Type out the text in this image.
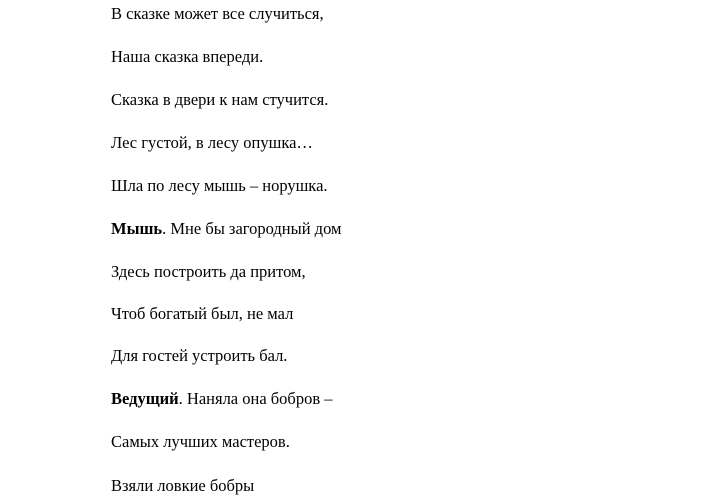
В сказке может все случиться,

Наша сказка впереди.

Сказка в двери к нам стучится.

Лес густой, в лесу опушка…

Шла по лесу мышь – норушка.

Мышь. Мне бы загородный дом

Здесь построить да притом,

Чтоб богатый был, не мал

Для гостей устроить бал.

Ведущий. Наняла она бобров –

Самых лучших мастеров.

Взяли ловкие бобры
